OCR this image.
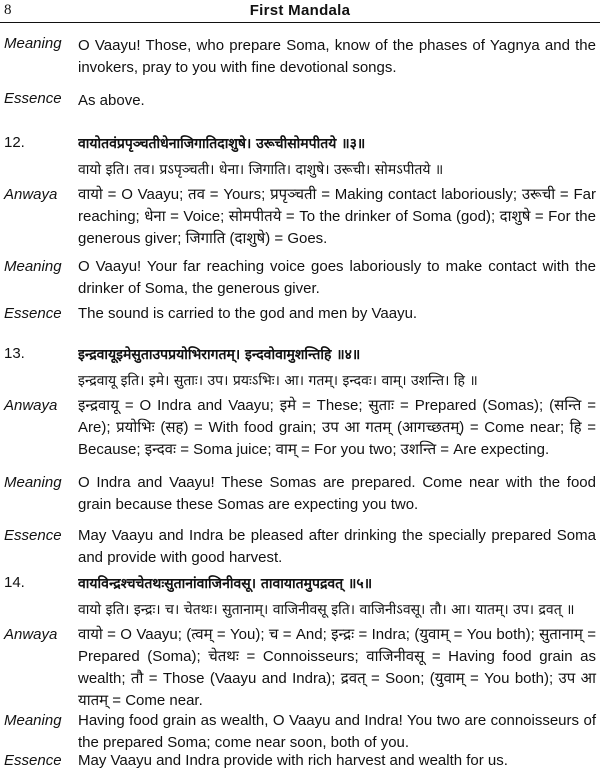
8	First Mandala
Meaning O Vaayu! Those, who prepare Soma, know of the phases of Yagnya and the invokers, pray to you with fine devotional songs.
Essence As above.
12.	वायोतवंप्रपृञ्चतीधेनाजिगातिदाशुषे। उरूचीसोमपीतये ॥३॥
वायो इति। तव। प्रऽपृञ्चती। धेना। जिगाति। दाशुषे। उरूची। सोमऽपीतये ॥
Anwaya वायो = O Vaayu; तव = Yours; प्रपृञ्चती = Making contact laboriously; उरूची = Far reaching; धेना = Voice; सोमपीतये = To the drinker of Soma (god); दाशुषे = For the generous giver; जिगाति (दाशुषे) = Goes.
Meaning O Vaayu! Your far reaching voice goes laboriously to make contact with the drinker of Soma, the generous giver.
Essence The sound is carried to the god and men by Vaayu.
13.	इन्द्रवायूइमेसुताउपप्रयोभिरागतम्। इन्दवोवामुशन्तिहि ॥४॥
इन्द्रवायू इति। इमे। सुताः। उप। प्रयःऽभिः। आ। गतम्। इन्दवः। वाम्। उशन्ति। हि ॥
Anwaya इन्द्रवायू = O Indra and Vaayu; इमे = These; सुताः = Prepared (Somas); (सन्ति = Are); प्रयोभिः (सह) = With food grain; उप आ गतम् (आगच्छतम्) = Come near; हि = Because; इन्दवः = Soma juice; वाम् = For you two; उशन्ति = Are expecting.
Meaning O Indra and Vaayu! These Somas are prepared. Come near with the food grain because these Somas are expecting you two.
Essence May Vaayu and Indra be pleased after drinking the specially prepared Soma and provide with good harvest.
14.	वायविन्द्रश्चचेतथःसुतानांवाजिनीवसू। तावायातमुपद्रवत् ॥५॥
वायो इति। इन्द्रः। च। चेतथः। सुतानाम्। वाजिनीवसू इति। वाजिनीऽवसू। तौ। आ। यातम्। उप। द्रवत् ॥
Anwaya वायो = O Vaayu; (त्वम् = You); च = And; इन्द्रः = Indra; (युवाम् = You both); सुतानाम् = Prepared (Soma); चेतथः = Connoisseurs; वाजिनीवसू = Having food grain as wealth; तौ = Those (Vaayu and Indra); द्रवत् = Soon; (युवाम् = You both); उप आ यातम् = Come near.
Meaning Having food grain as wealth, O Vaayu and Indra! You two are connoisseurs of the prepared Soma; come near soon, both of you.
Essence May Vaayu and Indra provide with rich harvest and wealth for us.
